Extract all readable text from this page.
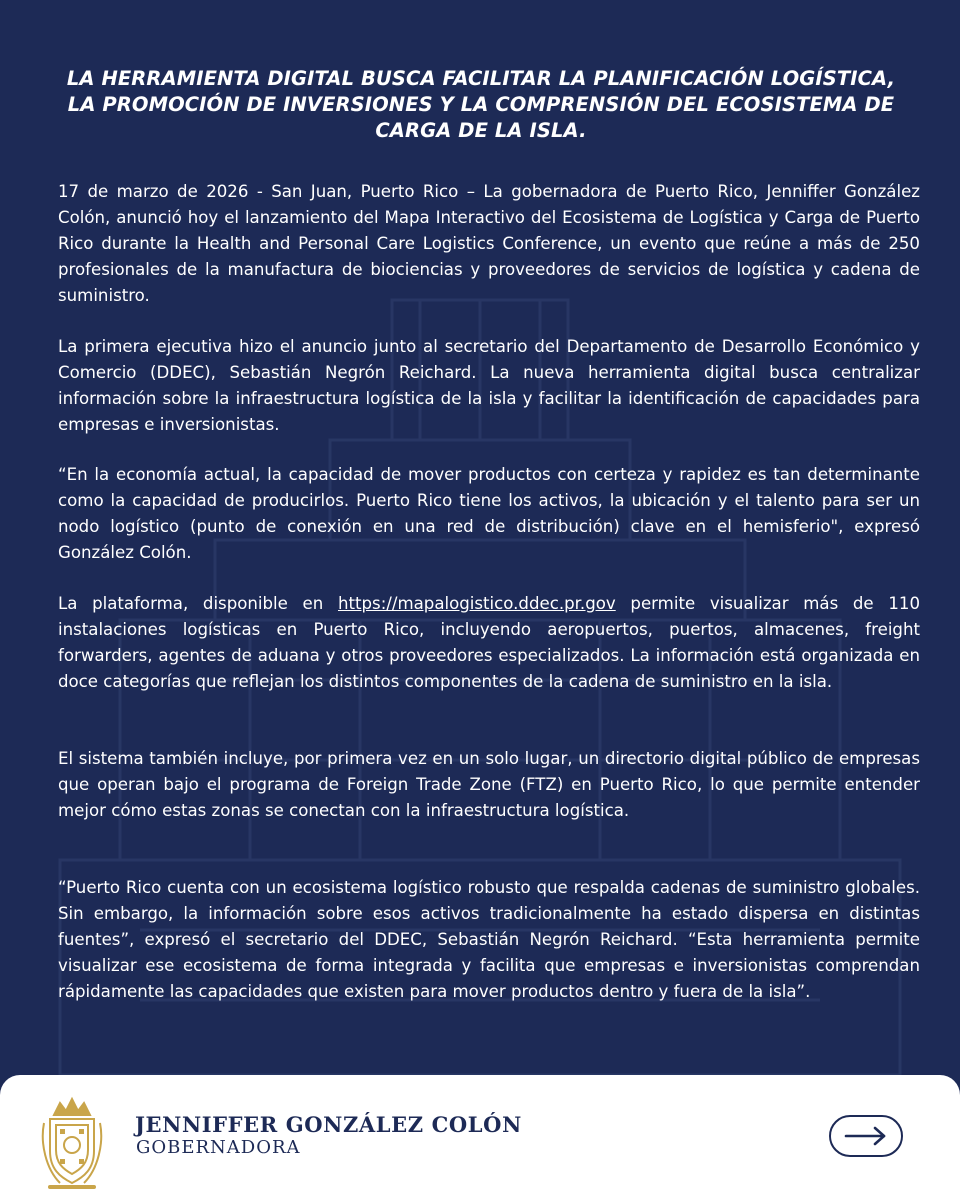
LA HERRAMIENTA DIGITAL BUSCA FACILITAR LA PLANIFICACIÓN LOGÍSTICA, LA PROMOCIÓN DE INVERSIONES Y LA COMPRENSIÓN DEL ECOSISTEMA DE CARGA DE LA ISLA.

17 de marzo de 2026 - San Juan, Puerto Rico – La gobernadora de Puerto Rico, Jenniffer González Colón, anunció hoy el lanzamiento del Mapa Interactivo del Ecosistema de Logística y Carga de Puerto Rico durante la Health and Personal Care Logistics Conference, un evento que reúne a más de 250 profesionales de la manufactura de biociencias y proveedores de servicios de logística y cadena de suministro.

La primera ejecutiva hizo el anuncio junto al secretario del Departamento de Desarrollo Económico y Comercio (DDEC), Sebastián Negrón Reichard. La nueva herramienta digital busca centralizar información sobre la infraestructura logística de la isla y facilitar la identificación de capacidades para empresas e inversionistas.

“En la economía actual, la capacidad de mover productos con certeza y rapidez es tan determinante como la capacidad de producirlos. Puerto Rico tiene los activos, la ubicación y el talento para ser un nodo logístico (punto de conexión en una red de distribución) clave en el hemisferio", expresó González Colón.

La plataforma, disponible en https://mapalogistico.ddec.pr.gov permite visualizar más de 110 instalaciones logísticas en Puerto Rico, incluyendo aeropuertos, puertos, almacenes, freight forwarders, agentes de aduana y otros proveedores especializados. La información está organizada en doce categorías que reflejan los distintos componentes de la cadena de suministro en la isla.

El sistema también incluye, por primera vez en un solo lugar, un directorio digital público de empresas que operan bajo el programa de Foreign Trade Zone (FTZ) en Puerto Rico, lo que permite entender mejor cómo estas zonas se conectan con la infraestructura logística.

“Puerto Rico cuenta con un ecosistema logístico robusto que respalda cadenas de suministro globales. Sin embargo, la información sobre esos activos tradicionalmente ha estado dispersa en distintas fuentes”, expresó el secretario del DDEC, Sebastián Negrón Reichard. “Esta herramienta permite visualizar ese ecosistema de forma integrada y facilita que empresas e inversionistas comprendan rápidamente las capacidades que existen para mover productos dentro y fuera de la isla”.

JENNIFFER GONZÁLEZ COLÓN
GOBERNADORA
